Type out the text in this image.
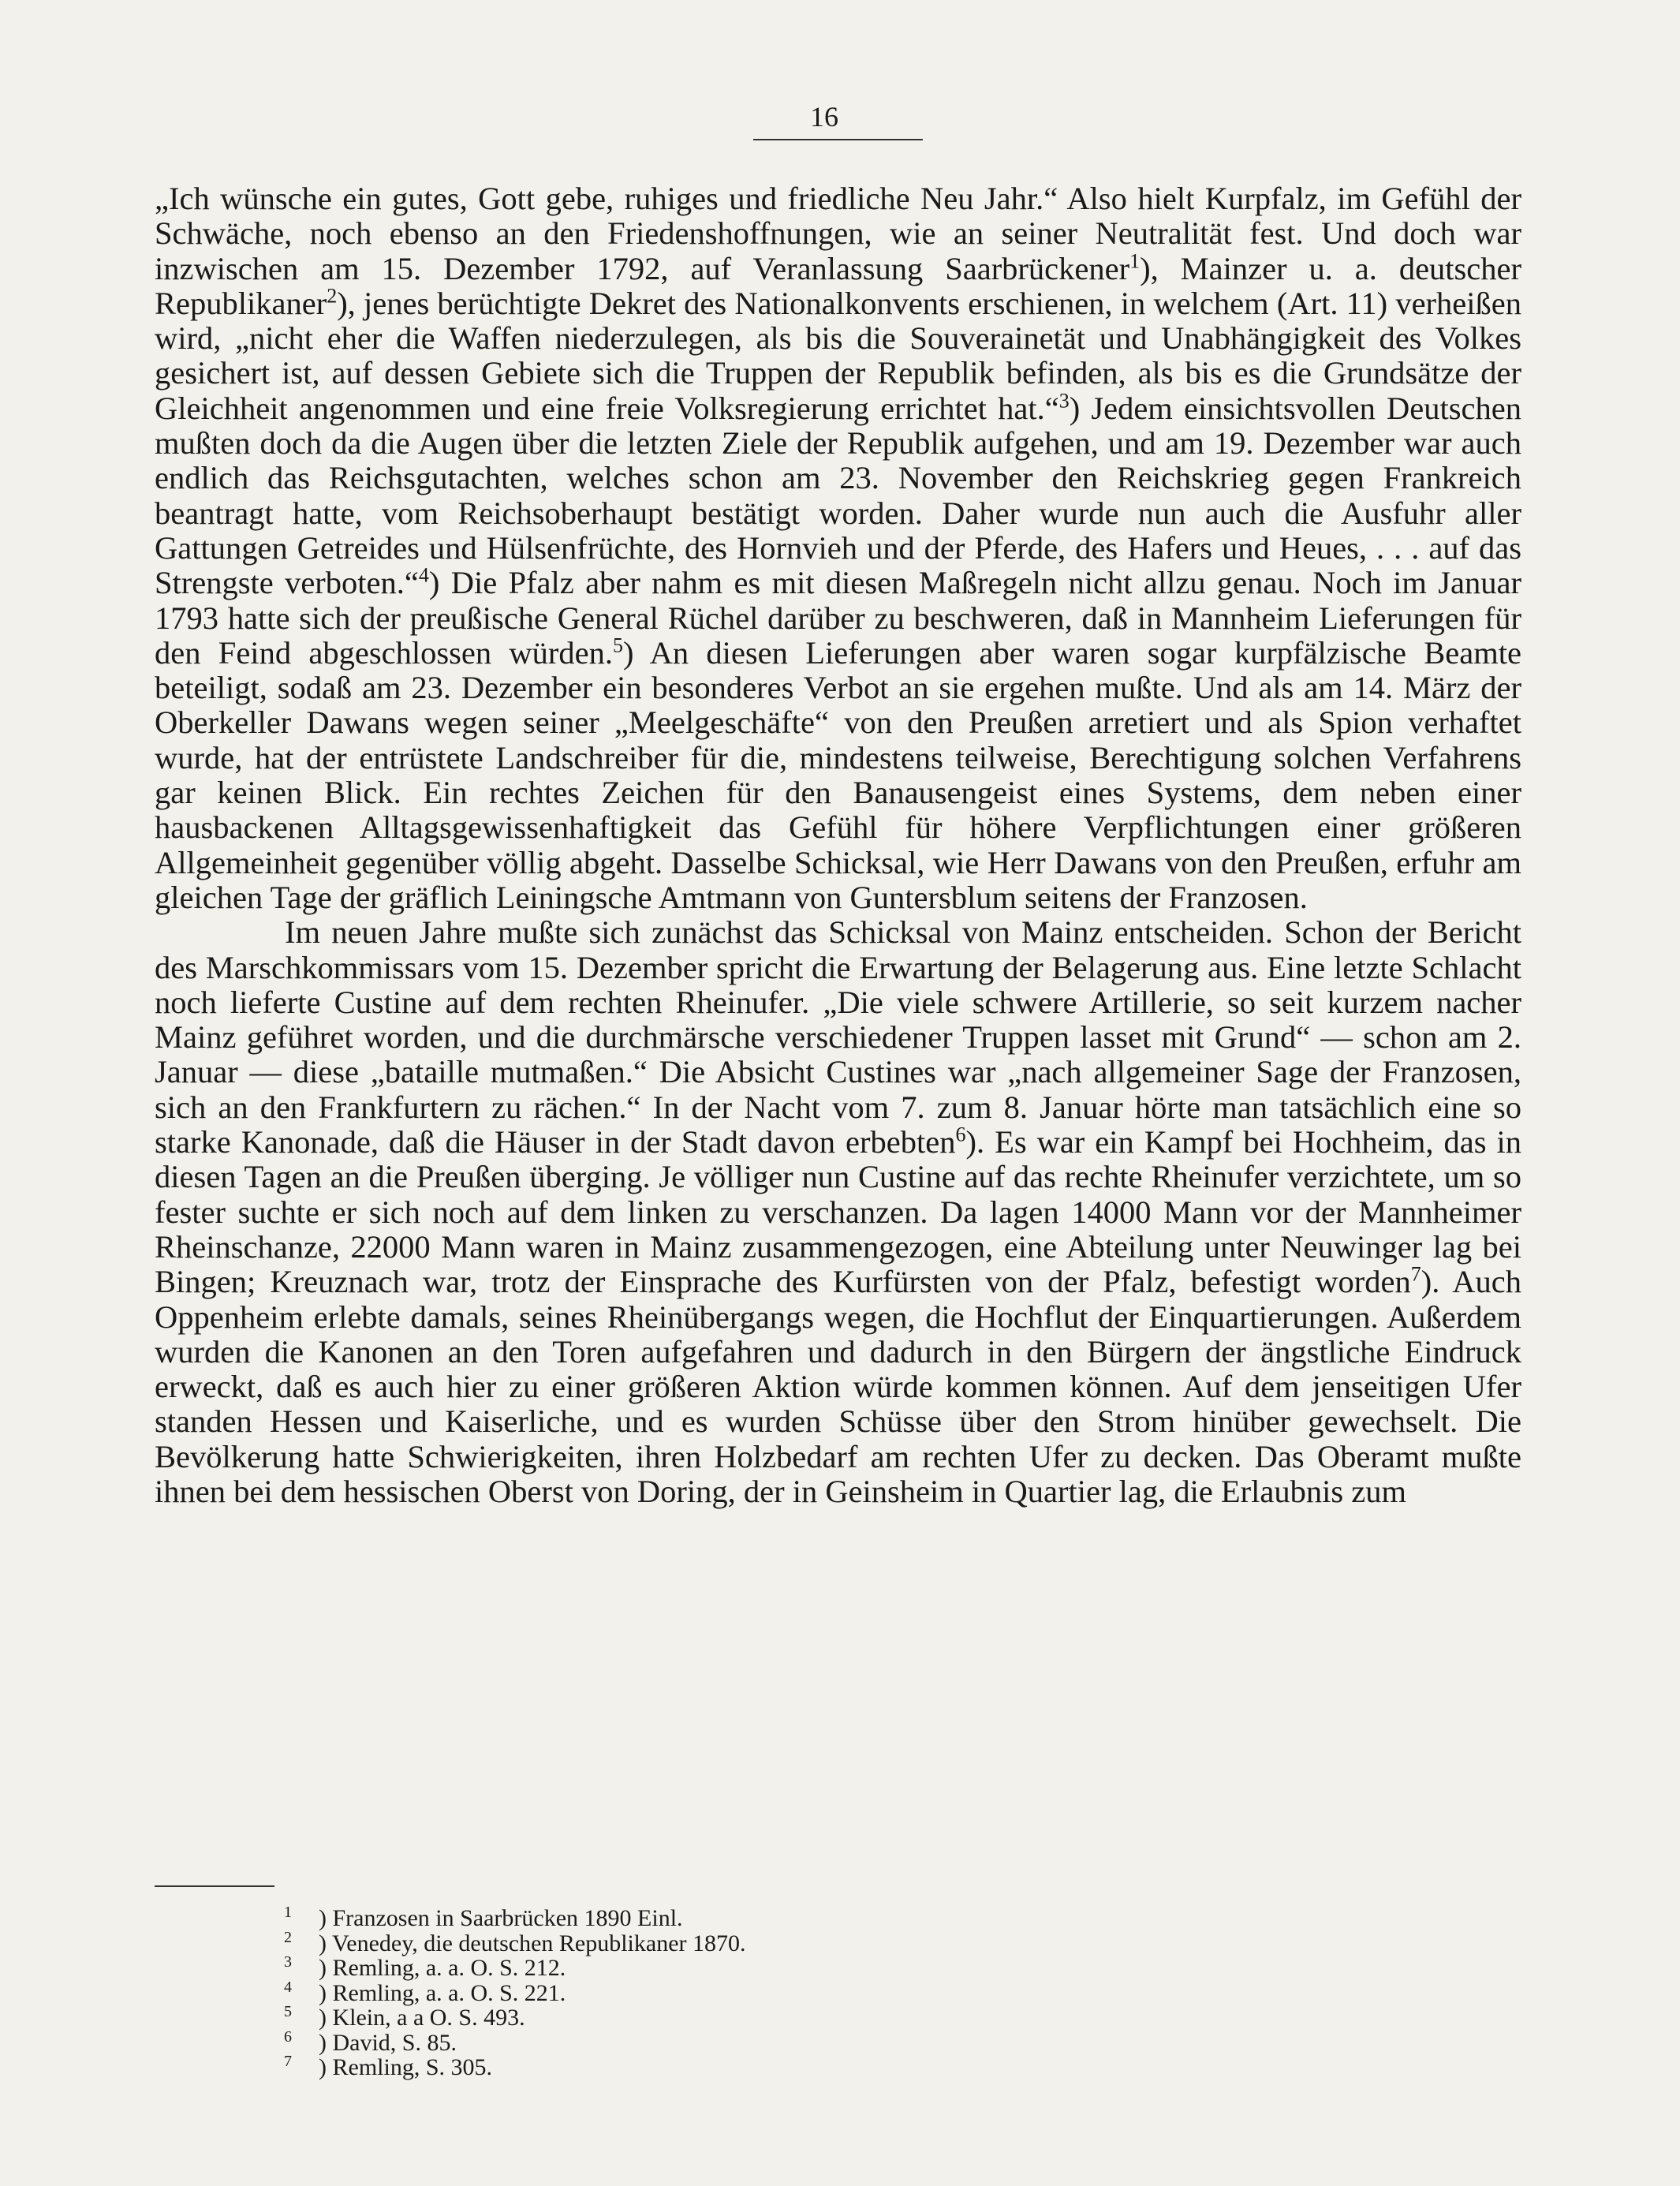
16

„Ich wünsche ein gutes, Gott gebe, ruhiges und friedliche Neu Jahr.“ Also hielt Kurpfalz, im Gefühl der Schwäche, noch ebenso an den Friedenshoffnungen, wie an seiner Neutralität fest. Und doch war inzwischen am 15. Dezember 1792, auf Veranlassung Saarbrückener$^1$), Mainzer u. a. deutscher Republikaner$^2$), jenes berüchtigte Dekret des Nationalkonvents erschienen, in welchem (Art. 11) verheißen wird, „nicht eher die Waffen niederzulegen, als bis die Souverainetät und Unabhängigkeit des Volkes gesichert ist, auf dessen Gebiete sich die Truppen der Republik befinden, als bis es die Grundsätze der Gleichheit angenommen und eine freie Volksregierung errichtet hat.“$^3$) Jedem einsichtsvollen Deutschen mußten doch da die Augen über die letzten Ziele der Republik aufgehen, und am 19. Dezember war auch endlich das Reichsgutachten, welches schon am 23. November den Reichskrieg gegen Frankreich beantragt hatte, vom Reichsoberhaupt bestätigt worden. Daher wurde nun auch die Ausfuhr aller Gattungen Getreides und Hülsenfrüchte, des Hornvieh und der Pferde, des Hafers und Heues, . . . auf das Strengste verboten.“$^4$) Die Pfalz aber nahm es mit diesen Maßregeln nicht allzu genau. Noch im Januar 1793 hatte sich der preußische General Rüchel darüber zu beschweren, daß in Mannheim Lieferungen für den Feind abgeschlossen würden.$^5$) An diesen Lieferungen aber waren sogar kurpfälzische Beamte beteiligt, sodaß am 23. Dezember ein besonderes Verbot an sie ergehen mußte. Und als am 14. März der Oberkeller Dawans wegen seiner „Meelgeschäfte“ von den Preußen arretiert und als Spion verhaftet wurde, hat der entrüstete Landschreiber für die, mindestens teilweise, Berechtigung solchen Verfahrens gar keinen Blick. Ein rechtes Zeichen für den Banausengeist eines Systems, dem neben einer hausbackenen Alltagsgewissenhaftigkeit das Gefühl für höhere Verpflichtungen einer größeren Allgemeinheit gegenüber völlig abgeht. Dasselbe Schicksal, wie Herr Dawans von den Preußen, erfuhr am gleichen Tage der gräflich Leiningsche Amtmann von Guntersblum seitens der Franzosen.

Im neuen Jahre mußte sich zunächst das Schicksal von Mainz entscheiden. Schon der Bericht des Marschkommissars vom 15. Dezember spricht die Erwartung der Belagerung aus. Eine letzte Schlacht noch lieferte Custine auf dem rechten Rheinufer. „Die viele schwere Artillerie, so seit kurzem nacher Mainz geführet worden, und die durchmärsche verschiedener Truppen lasset mit Grund“ — schon am 2. Januar — diese „bataille mutmaßen.“ Die Absicht Custines war „nach allgemeiner Sage der Franzosen, sich an den Frankfurtern zu rächen.“ In der Nacht vom 7. zum 8. Januar hörte man tatsächlich eine so starke Kanonade, daß die Häuser in der Stadt davon erbebten$^6$). Es war ein Kampf bei Hochheim, das in diesen Tagen an die Preußen überging. Je völliger nun Custine auf das rechte Rheinufer verzichtete, um so fester suchte er sich noch auf dem linken zu verschanzen. Da lagen 14000 Mann vor der Mannheimer Rheinschanze, 22000 Mann waren in Mainz zusammengezogen, eine Abteilung unter Neuwinger lag bei Bingen; Kreuznach war, trotz der Einsprache des Kurfürsten von der Pfalz, befestigt worden$^7$). Auch Oppenheim erlebte damals, seines Rheinübergangs wegen, die Hochflut der Einquartierungen. Außerdem wurden die Kanonen an den Toren aufgefahren und dadurch in den Bürgern der ängstliche Eindruck erweckt, daß es auch hier zu einer größeren Aktion würde kommen können. Auf dem jenseitigen Ufer standen Hessen und Kaiserliche, und es wurden Schüsse über den Strom hinüber gewechselt. Die Bevölkerung hatte Schwierigkeiten, ihren Holzbedarf am rechten Ufer zu decken. Das Oberamt mußte ihnen bei dem hessischen Oberst von Doring, der in Geinsheim in Quartier lag, die Erlaubnis zum

$^1$ ) Franzosen in Saarbrücken 1890 Einl.
$^2$ ) Venedey, die deutschen Republikaner 1870.
$^3$ ) Remling, a. a. O. S. 212.
$^4$ ) Remling, a. a. O. S. 221.
$^5$ ) Klein, a a O. S. 493.
$^6$ ) David, S. 85.
$^7$ ) Remling, S. 305.
